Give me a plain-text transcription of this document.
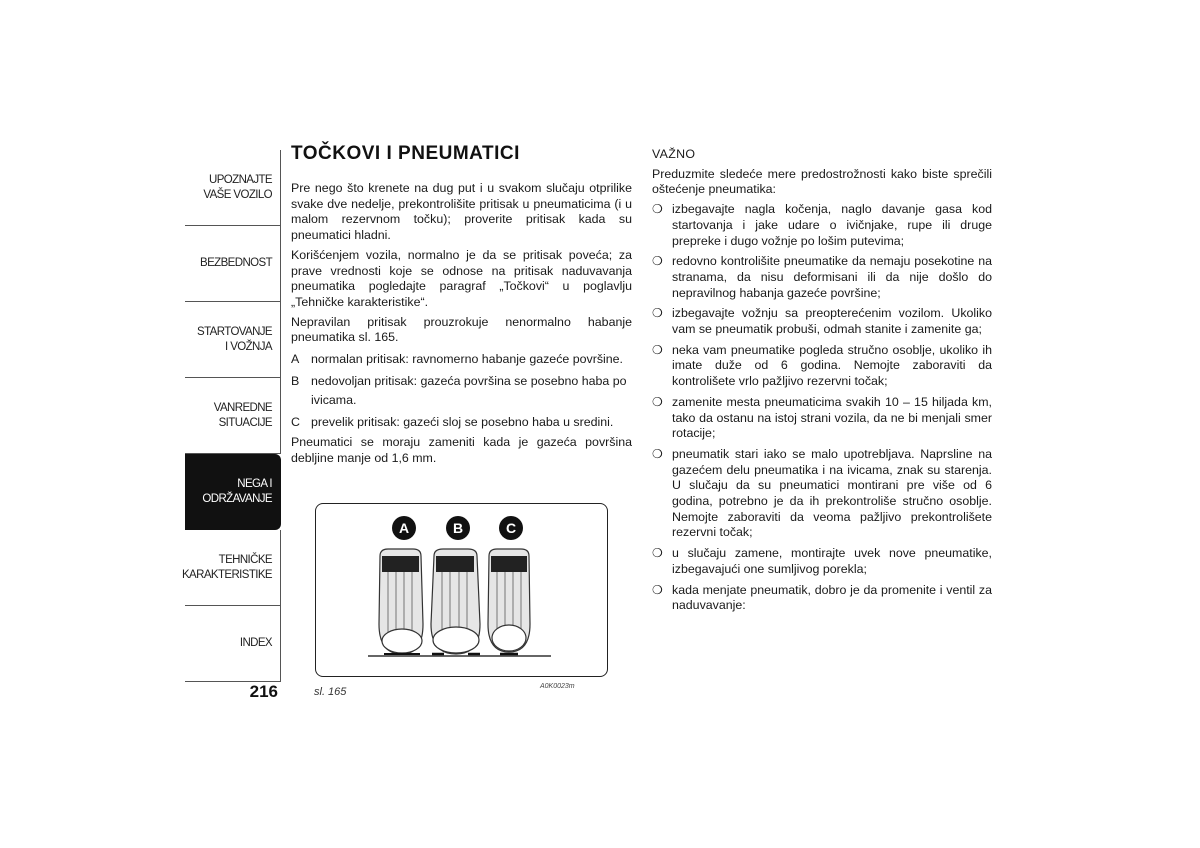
UPOZNAJTE
VAŠE VOZILO
BEZBEDNOST
STARTOVANJE
I VOŽNJA
VANREDNE
SITUACIJE
NEGA I
ODRŽAVANJE
TEHNIČKE
KARAKTERISTIKE
INDEX
216
TOČKOVI I PNEUMATICI

Pre nego što krenete na dug put i u svakom slučaju otprilike svake dve nedelje, prekontrolišite pritisak u pneumaticima (i u malom rezervnom točku); proverite pritisak kada su pneumatici hladni.

Korišćenjem vozila, normalno je da se pritisak poveća; za prave vrednosti koje se odnose na pritisak naduvavanja pneumatika pogledajte paragraf „Točkovi“ u poglavlju „Tehničke karakteristike“.

Nepravilan pritisak prouzrokuje nenormalno habanje pneumatika sl. 165.

A normalan pritisak: ravnomerno habanje gazeće površine.
B nedovoljan pritisak: gazeća površina se posebno haba po ivicama.
C prevelik pritisak: gazeći sloj se posebno haba u sredini.

Pneumatici se moraju zameniti kada je gazeća površina debljine manje od 1,6 mm.

A	B	C
sl. 165	A0K0023m

VAŽNO

Preduzmite sledeće mere predostrožnosti kako biste sprečili oštećenje pneumatika:

❍ izbegavajte nagla kočenja, naglo davanje gasa kod startovanja i jake udare o ivičnjake, rupe ili druge prepreke i dugo vožnje po lošim putevima;
❍ redovno kontrolišite pneumatike da nemaju posekotine na stranama, da nisu deformisani ili da nije došlo do nepravilnog habanja gazeće površine;
❍ izbegavajte vožnju sa preopterećenim vozilom. Ukoliko vam se pneumatik probuši, odmah stanite i zamenite ga;
❍ neka vam pneumatike pogleda stručno osoblje, ukoliko ih imate duže od 6 godina. Nemojte zaboraviti da kontrolišete vrlo pažljivo rezervni točak;
❍ zamenite mesta pneumaticima svakih 10 – 15 hiljada km, tako da ostanu na istoj strani vozila, da ne bi menjali smer rotacije;
❍ pneumatik stari iako se malo upotrebljava. Naprsline na gazećem delu pneumatika i na ivicama, znak su starenja. U slučaju da su pneumatici montirani pre više od 6 godina, potrebno je da ih prekontroliše stručno osoblje. Nemojte zaboraviti da veoma pažljivo prekontrolišete rezervni točak;
❍ u slučaju zamene, montirajte uvek nove pneumatike, izbegavajući one sumljivog porekla;
❍ kada menjate pneumatik, dobro je da promenite i ventil za naduvavanje:
